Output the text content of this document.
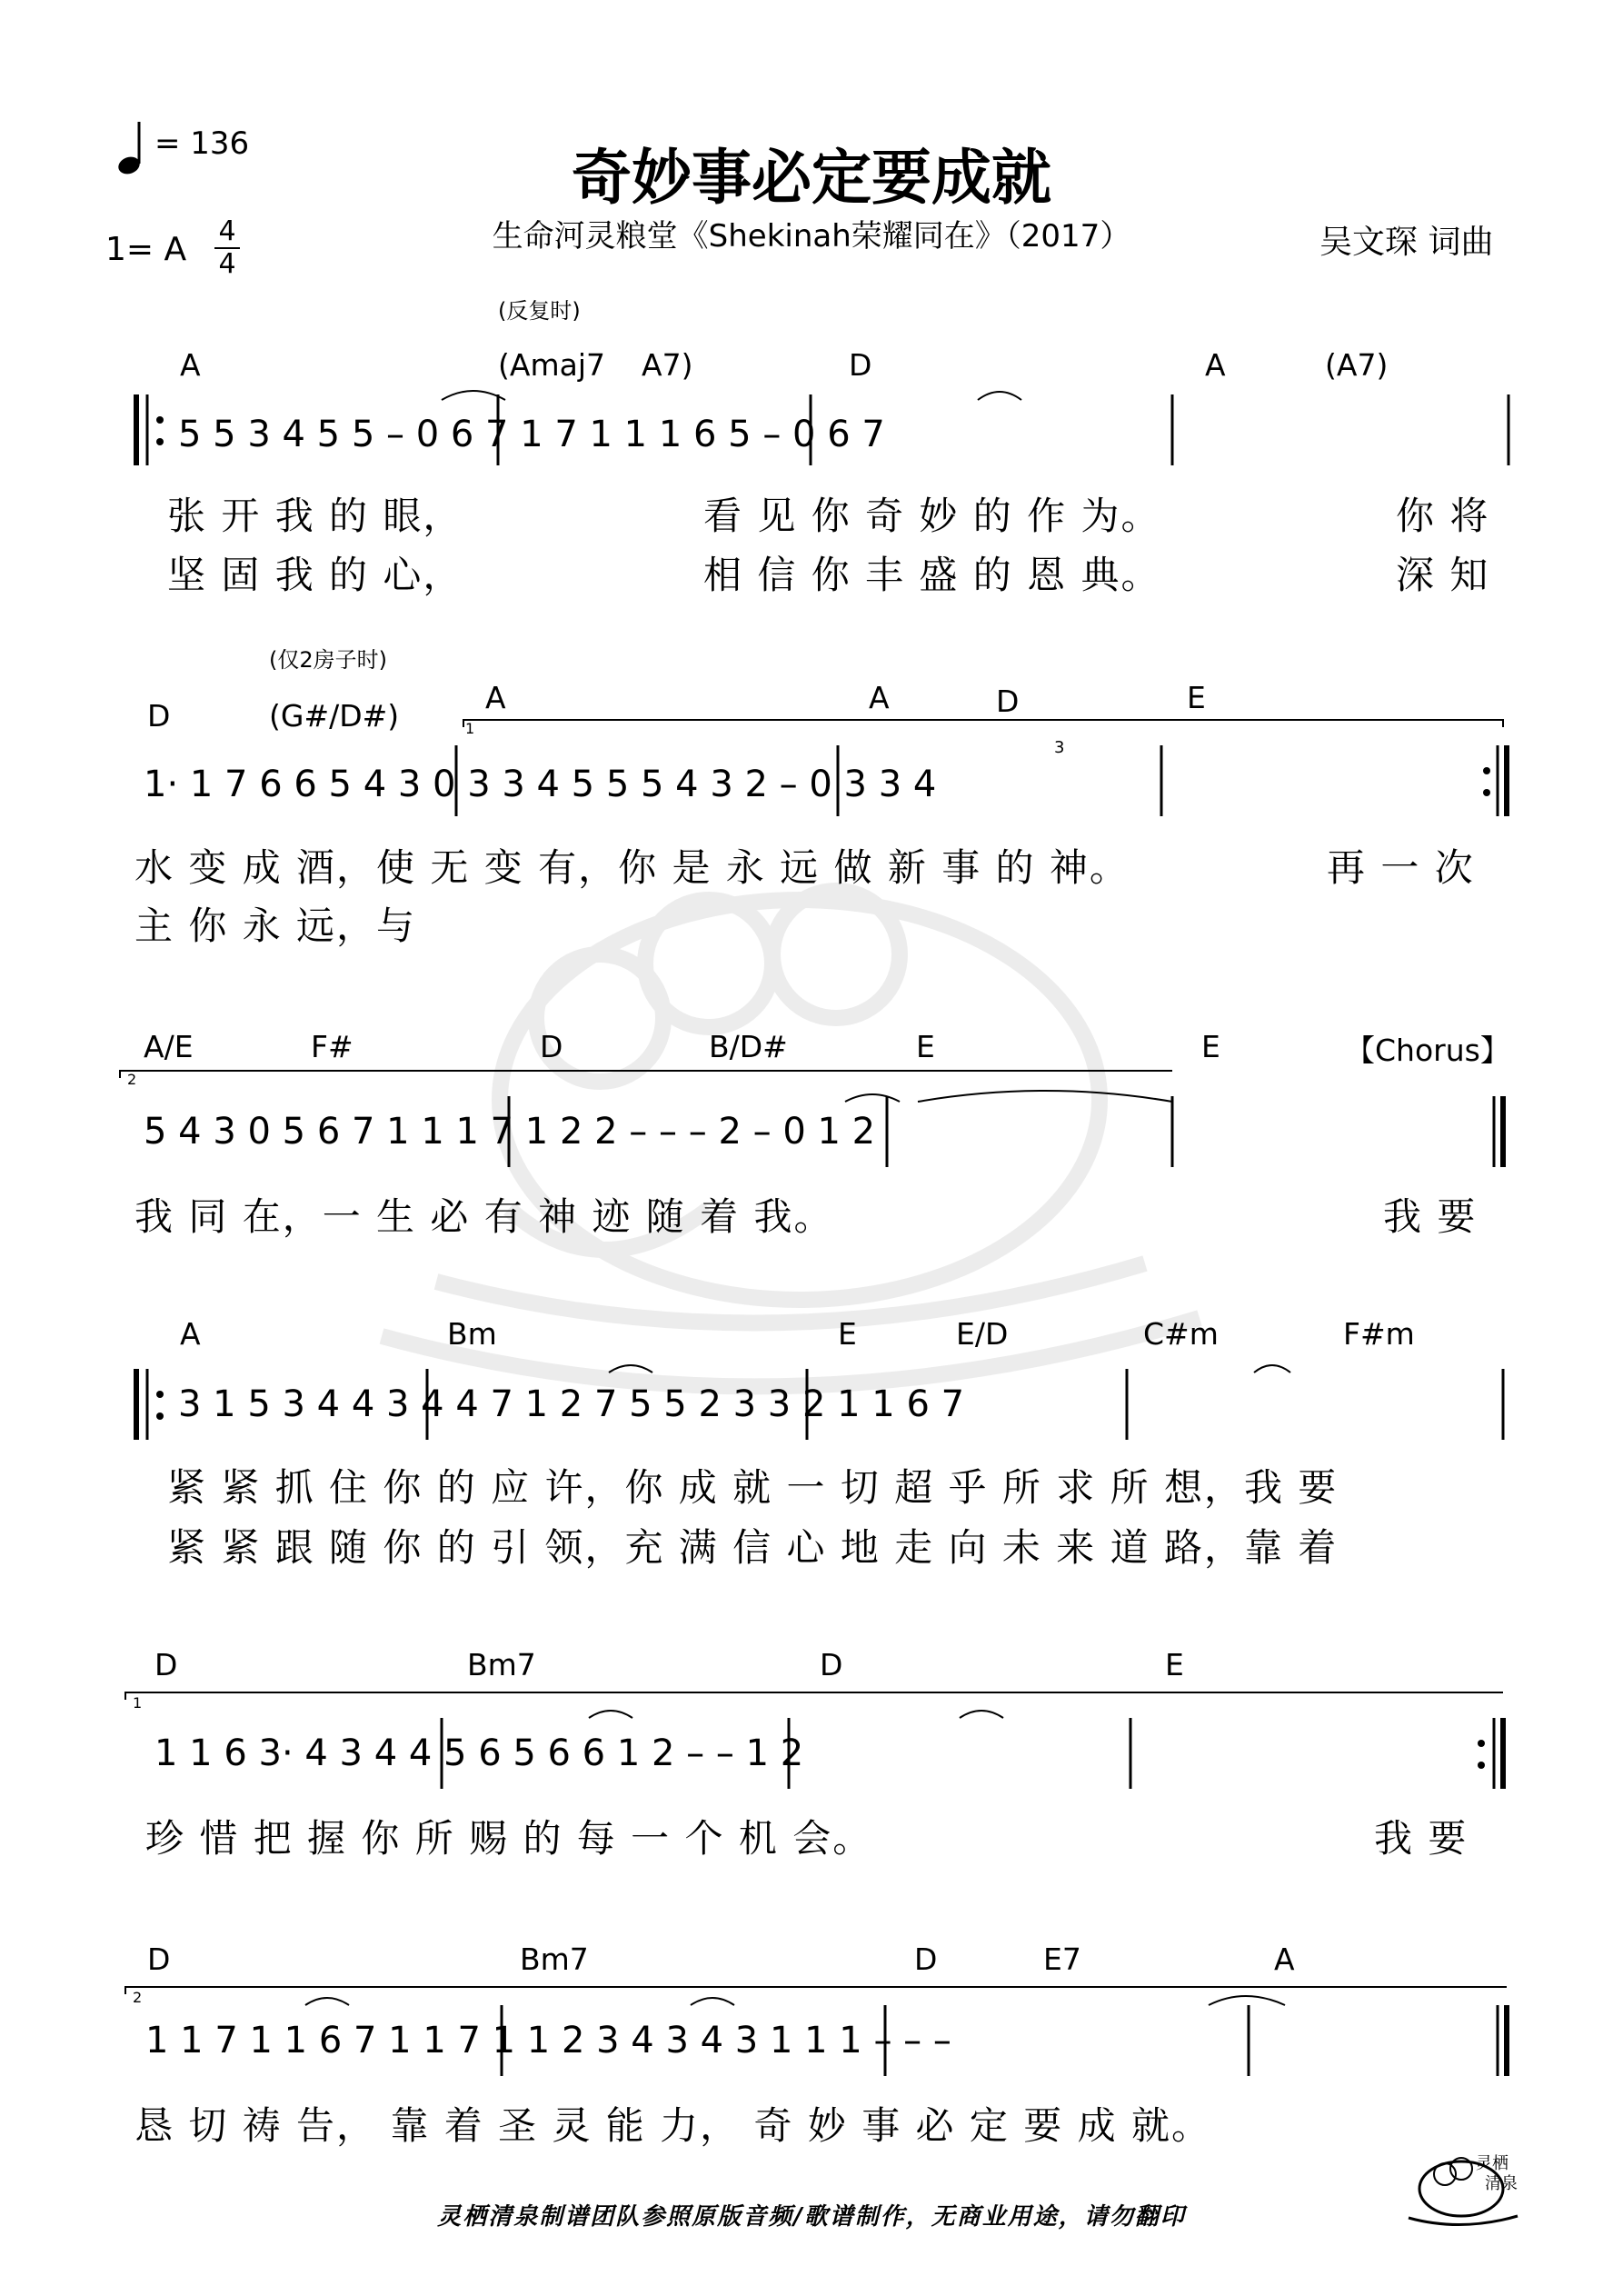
= 136	奇妙事必定要成就
生命河灵粮堂《Shekinah荣耀同在》（2017）	吴文琛 词曲
1= A 4
4
(反复时)
A	(Amaj7 A7)	D	A	(A7)
5 5 3 4 5 5 – 0 6 7 1 7 1 1 1 6 5 – 0 6 7
张 开 我 的 眼，	看 见 你 奇 妙 的 作 为。	你 将
坚 固 我 的 心，	相 信 你 丰 盛 的 恩 典。	深 知
(仅2房子时)
D	(G#/D#)
A	A	D	E
1
3
1· 1 7 6 6 5 4 3 0 3 3 4 5 5 5 4 3 2 – 0 3 3 4
水 变 成 酒，使 无 变 有，你 是 永 远 做 新 事 的 神。	再 一 次
主 你 永 远，与
2
A/E	F#	D	B/D#	E	E	【Chorus】
5 4 3 0 5 6 7 1 1 1 7 1 2 2 – – – 2 – 0 1 2
我 同 在，一 生 必 有 神 迹 随 着 我。	我 要
A	Bm	E	E/D	C#m	F#m
3 1 5 3 4 4 3 4 4 7 1 2 7 5 5 2 3 3 2 1 1 6 7
紧 紧 抓 住 你 的 应 许，你 成 就 一 切 超 乎 所 求 所 想，我 要
紧 紧 跟 随 你 的 引 领，充 满 信 心 地 走 向 未 来 道 路，靠 着
1
D	Bm7	D	E
1 1 6 3· 4 3 4 4 5 6 5 6 6 1 2 – – 1 2
珍 惜 把 握 你 所 赐 的 每 一 个 机 会。	我 要
2
D	Bm7	D	E7	A
1 1 7 1 1 6 7 1 1 7 1 1 2 3 4 3 4 3 1 1 1 – – –
恳 切 祷 告， 靠 着 圣 灵 能 力， 奇 妙 事 必 定 要 成 就。
灵栖清泉制谱团队参照原版音频/歌谱制作，无商业用途，请勿翻印
灵栖
清泉
